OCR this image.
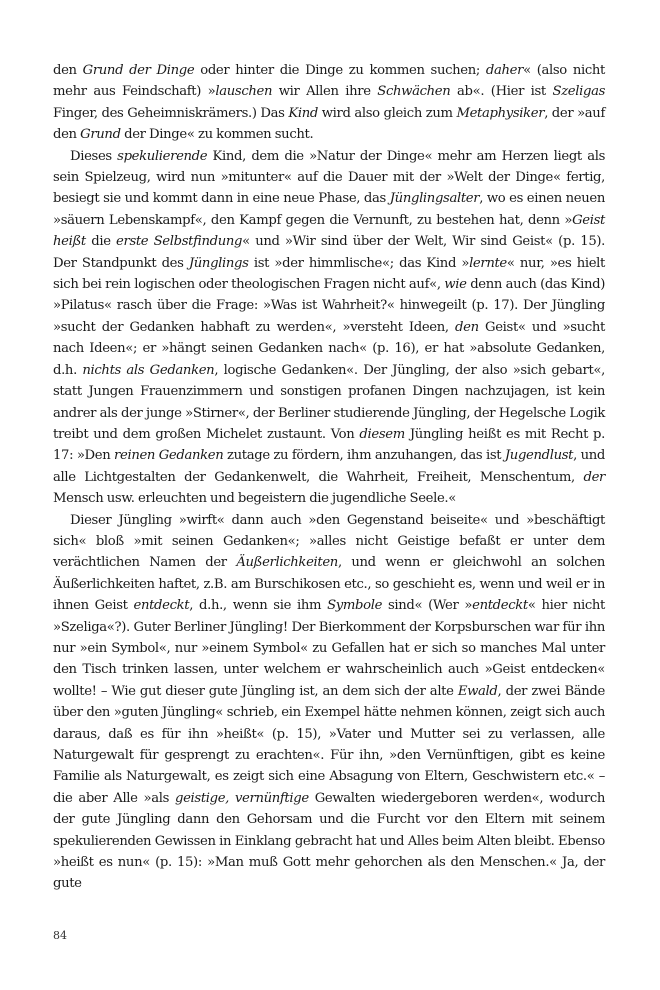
den Grund der Dinge oder hinter die Dinge zu kommen suchen; daher« (also nicht mehr aus Feindschaft) »lauschen wir Allen ihre Schwächen ab«. (Hier ist Szeligas Finger, des Geheimniskrämers.) Das Kind wird also gleich zum Metaphysiker, der »auf den Grund der Dinge« zu kommen sucht.

Dieses spekulierende Kind, dem die »Natur der Dinge« mehr am Herzen liegt als sein Spielzeug, wird nun »mitunter« auf die Dauer mit der »Welt der Dinge« fertig, besiegt sie und kommt dann in eine neue Phase, das Jünglingsalter, wo es einen neuen »säuern Lebenskampf«, den Kampf gegen die Vernunft, zu bestehen hat, denn »Geist heißt die erste Selbstfindung« und »Wir sind über der Welt, Wir sind Geist« (p. 15). Der Standpunkt des Jünglings ist »der himmlische«; das Kind »lernte« nur, »es hielt sich bei rein logischen oder theologischen Fragen nicht auf«, wie denn auch (das Kind) »Pilatus« rasch über die Frage: »Was ist Wahrheit?« hinwegeilt (p. 17). Der Jüngling »sucht der Gedanken habhaft zu werden«, »versteht Ideen, den Geist« und »sucht nach Ideen«; er »hängt seinen Gedanken nach« (p. 16), er hat »absolute Gedanken, d.h. nichts als Gedanken, logische Gedanken«. Der Jüngling, der also »sich gebart«, statt Jungen Frauenzimmern und sonstigen profanen Dingen nachzujagen, ist kein andrer als der junge »Stirner«, der Berliner studierende Jüngling, der Hegelsche Logik treibt und dem großen Michelet zustaunt. Von diesem Jüngling heißt es mit Recht p. 17: »Den reinen Gedanken zutage zu fördern, ihm anzuhangen, das ist Jugendlust, und alle Lichtgestalten der Gedankenwelt, die Wahrheit, Freiheit, Menschentum, der Mensch usw. erleuchten und begeistern die jugendliche Seele.«

Dieser Jüngling »wirft« dann auch »den Gegenstand beiseite« und »beschäftigt sich« bloß »mit seinen Gedanken«; »alles nicht Geistige befaßt er unter dem verächtlichen Namen der Äußerlichkeiten, und wenn er gleichwohl an solchen Äußerlichkeiten haftet, z.B. am Burschikosen etc., so geschieht es, wenn und weil er in ihnen Geist entdeckt, d.h., wenn sie ihm Symbole sind« (Wer »entdeckt« hier nicht »Szeliga«?). Guter Berliner Jüngling! Der Bierkomment der Korpsburschen war für ihn nur »ein Symbol«, nur »einem Symbol« zu Gefallen hat er sich so manches Mal unter den Tisch trinken lassen, unter welchem er wahrscheinlich auch »Geist entdecken« wollte! – Wie gut dieser gute Jüngling ist, an dem sich der alte Ewald, der zwei Bände über den »guten Jüngling« schrieb, ein Exempel hätte nehmen können, zeigt sich auch daraus, daß es für ihn »heißt« (p. 15), »Vater und Mutter sei zu verlassen, alle Naturgewalt für gesprengt zu erachten«. Für ihn, »den Vernünftigen, gibt es keine Familie als Naturgewalt, es zeigt sich eine Absagung von Eltern, Geschwistern etc.« – die aber Alle »als geistige, vernünftige Gewalten wiedergeboren werden«, wodurch der gute Jüngling dann den Gehorsam und die Furcht vor den Eltern mit seinem spekulierenden Gewissen in Einklang gebracht hat und Alles beim Alten bleibt. Ebenso »heißt es nun« (p. 15): »Man muß Gott mehr gehorchen als den Menschen.« Ja, der gute

84
